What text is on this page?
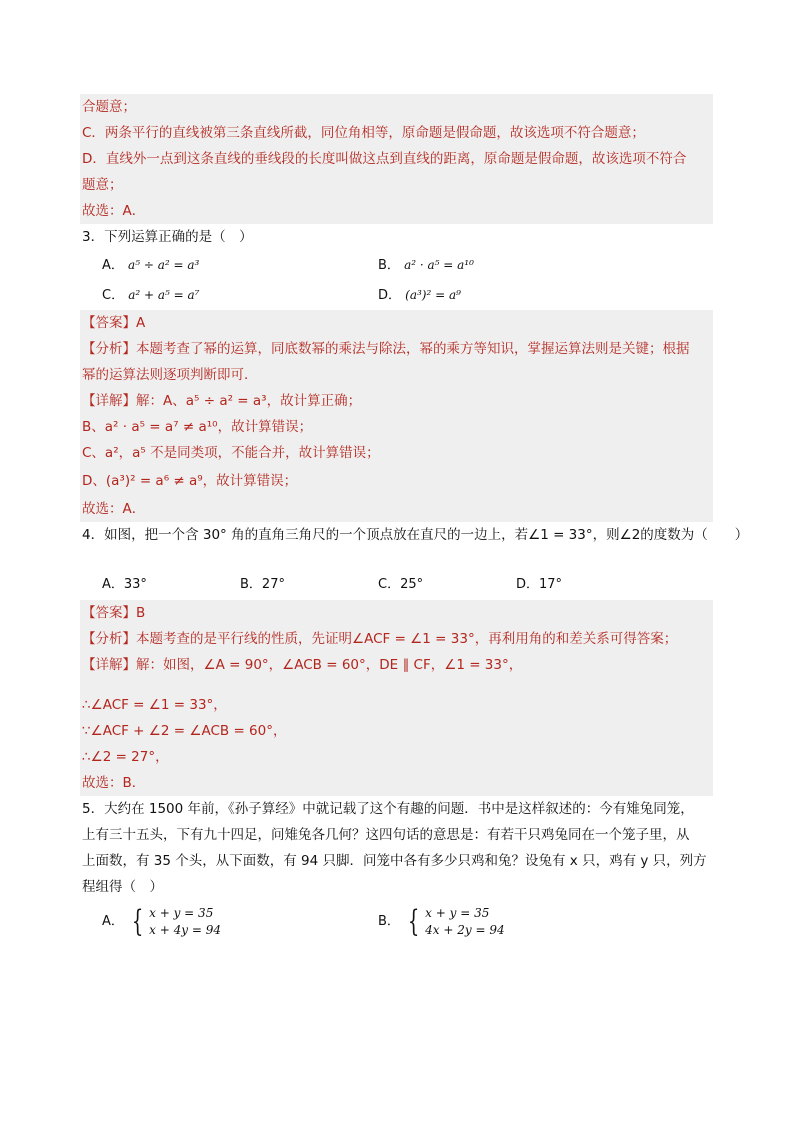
合题意；
C．两条平行的直线被第三条直线所截，同位角相等，原命题是假命题，故该选项不符合题意；
D．直线外一点到这条直线的垂线段的长度叫做这点到直线的距离，原命题是假命题，故该选项不符合
题意；
故选：A．
3．下列运算正确的是（　）
A． a⁵ ÷ a² = a³	B． a² · a⁵ = a¹⁰
C． a² + a⁵ = a⁷	D． (a³)² = a⁹
【答案】A
【分析】本题考查了幂的运算，同底数幂的乘法与除法，幂的乘方等知识，掌握运算法则是关键；根据
幂的运算法则逐项判断即可．
【详解】解：A、a⁵ ÷ a² = a³，故计算正确；
B、a² · a⁵ = a⁷ ≠ a¹⁰，故计算错误；
C、a²，a⁵ 不是同类项，不能合并，故计算错误；
D、(a³)² = a⁶ ≠ a⁹，故计算错误；
故选：A．
4．如图，把一个含 30° 角的直角三角尺的一个顶点放在直尺的一边上，若∠1 = 33°，则∠2的度数为（　　）
A．33°	B．27°	C．25°	D．17°
【答案】B
【分析】本题考查的是平行线的性质，先证明∠ACF = ∠1 = 33°，再利用角的和差关系可得答案；
【详解】解：如图，∠A = 90°，∠ACB = 60°，DE ∥ CF，∠1 = 33°，
∴∠ACF = ∠1 = 33°，
∵∠ACF + ∠2 = ∠ACB = 60°，
∴∠2 = 27°，
故选：B．
5．大约在 1500 年前，《孙子算经》中就记载了这个有趣的问题．书中是这样叙述的：今有雉兔同笼，
上有三十五头，下有九十四足，问雉兔各几何？这四句话的意思是：有若干只鸡兔同在一个笼子里，从
上面数，有 35 个头，从下面数，有 94 只脚．问笼中各有多少只鸡和兔？设兔有 x 只，鸡有 y 只，列方
程组得（　）
A． { x + y = 35
x + 4y = 94
B． { x + y = 35
4x + 2y = 94
